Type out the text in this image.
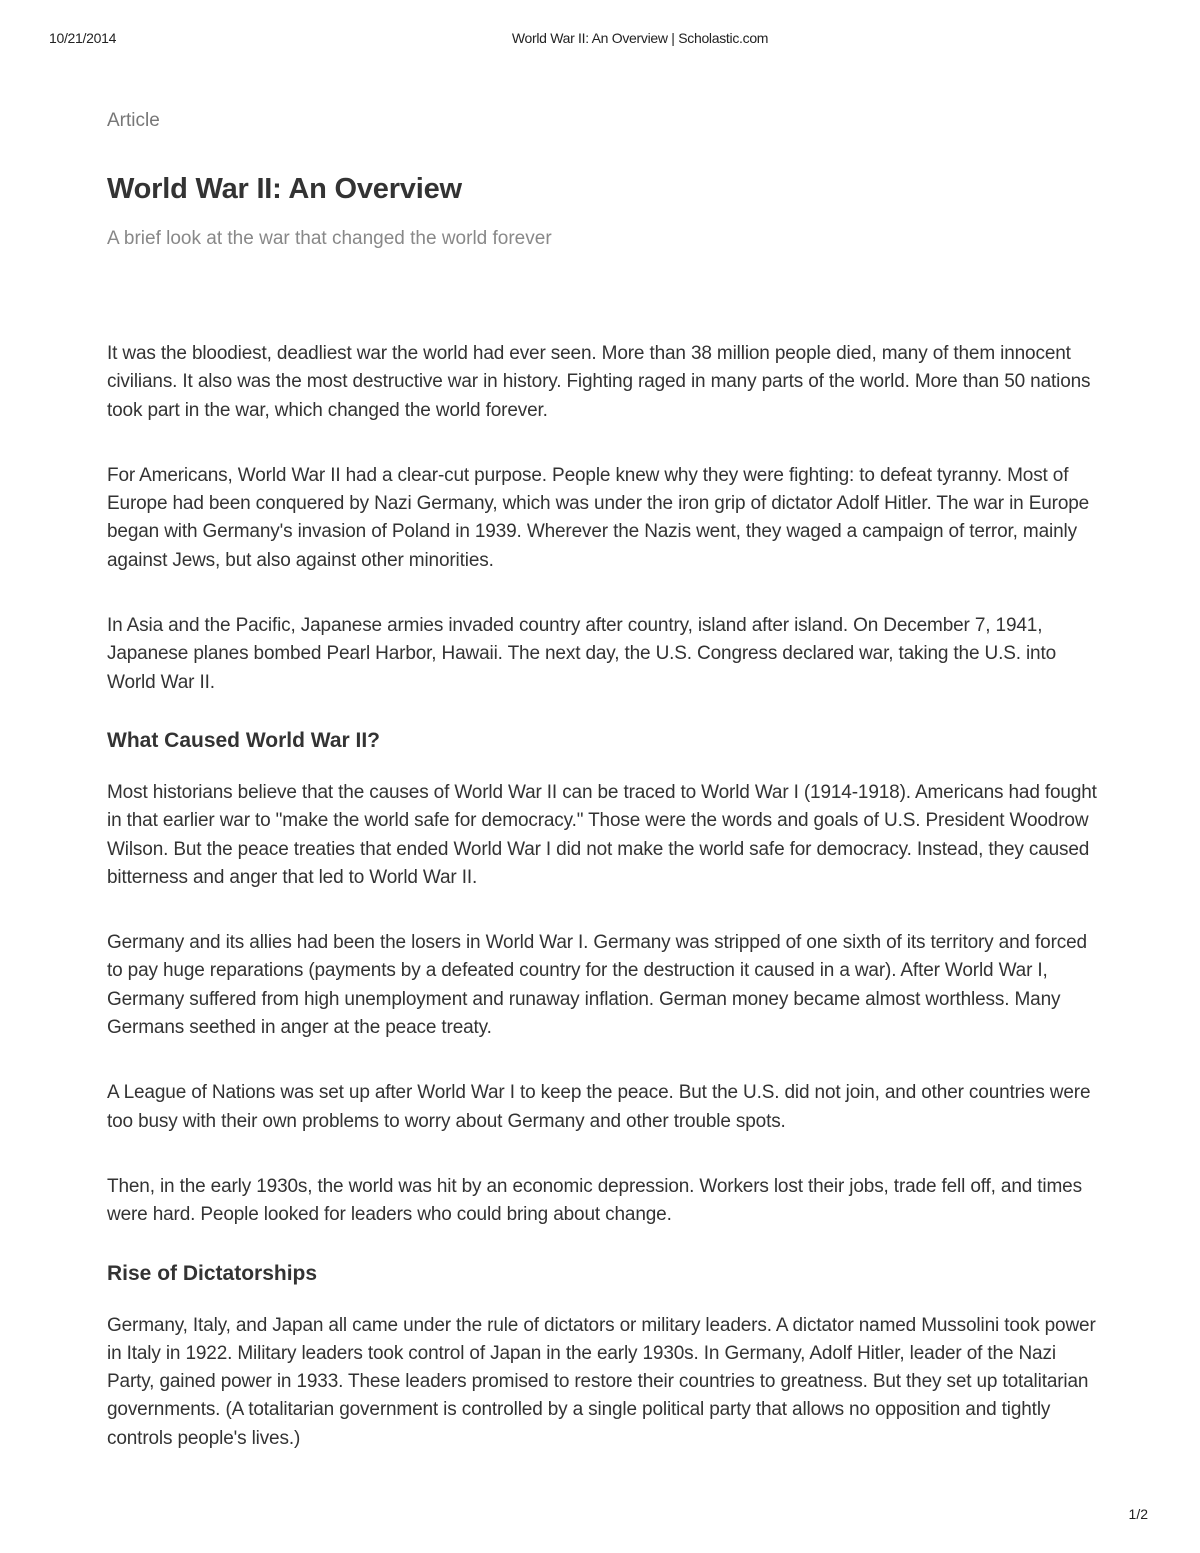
10/21/2014	World War II: An Overview | Scholastic.com

Article

World War II: An Overview

A brief look at the war that changed the world forever

It was the bloodiest, deadliest war the world had ever seen. More than 38 million people died, many of them innocent civilians. It also was the most destructive war in history. Fighting raged in many parts of the world. More than 50 nations took part in the war, which changed the world forever.

For Americans, World War II had a clear-cut purpose. People knew why they were fighting: to defeat tyranny. Most of Europe had been conquered by Nazi Germany, which was under the iron grip of dictator Adolf Hitler. The war in Europe began with Germany's invasion of Poland in 1939. Wherever the Nazis went, they waged a campaign of terror, mainly against Jews, but also against other minorities.

In Asia and the Pacific, Japanese armies invaded country after country, island after island. On December 7, 1941, Japanese planes bombed Pearl Harbor, Hawaii. The next day, the U.S. Congress declared war, taking the U.S. into World War II.

What Caused World War II?

Most historians believe that the causes of World War II can be traced to World War I (1914-1918). Americans had fought in that earlier war to "make the world safe for democracy." Those were the words and goals of U.S. President Woodrow Wilson. But the peace treaties that ended World War I did not make the world safe for democracy. Instead, they caused bitterness and anger that led to World War II.

Germany and its allies had been the losers in World War I. Germany was stripped of one sixth of its territory and forced to pay huge reparations (payments by a defeated country for the destruction it caused in a war). After World War I, Germany suffered from high unemployment and runaway inflation. German money became almost worthless. Many Germans seethed in anger at the peace treaty.

A League of Nations was set up after World War I to keep the peace. But the U.S. did not join, and other countries were too busy with their own problems to worry about Germany and other trouble spots.

Then, in the early 1930s, the world was hit by an economic depression. Workers lost their jobs, trade fell off, and times were hard. People looked for leaders who could bring about change.

Rise of Dictatorships

Germany, Italy, and Japan all came under the rule of dictators or military leaders. A dictator named Mussolini took power in Italy in 1922. Military leaders took control of Japan in the early 1930s. In Germany, Adolf Hitler, leader of the Nazi Party, gained power in 1933. These leaders promised to restore their countries to greatness. But they set up totalitarian governments. (A totalitarian government is controlled by a single political party that allows no opposition and tightly controls people's lives.)

1/2
